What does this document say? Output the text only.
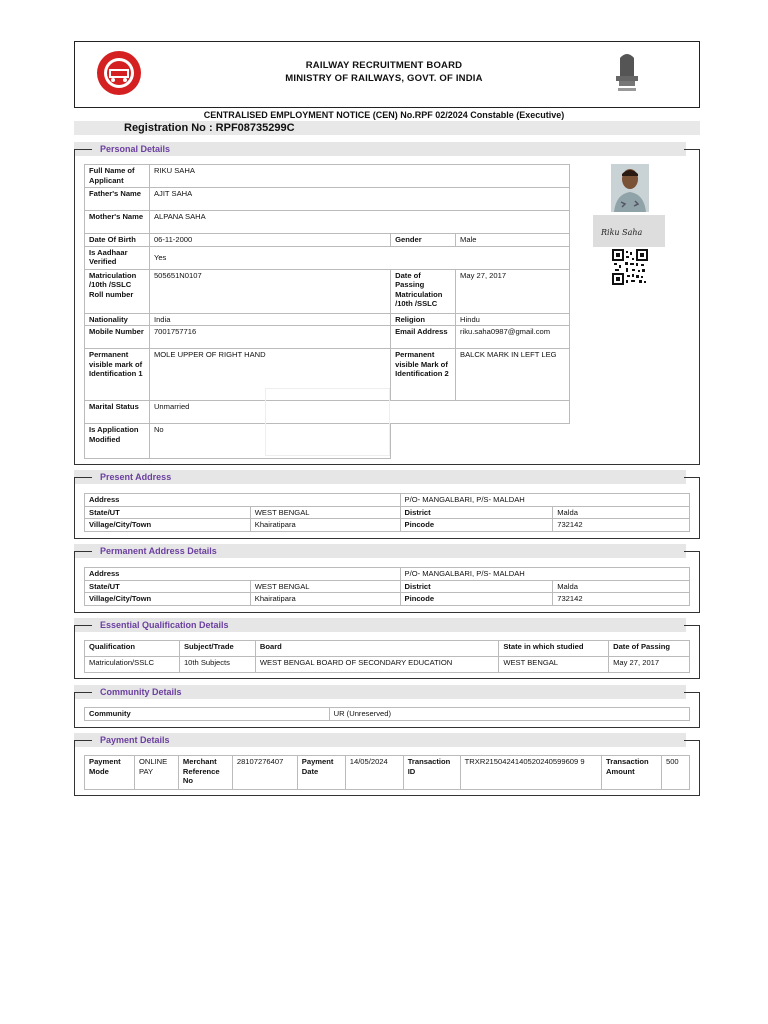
RAILWAY RECRUITMENT BOARD
MINISTRY OF RAILWAYS, GOVT. OF INDIA
CENTRALISED EMPLOYMENT NOTICE (CEN) No.RPF 02/2024 Constable (Executive)
Registration No : RPF08735299C
Personal Details
Full Name of Applicant	RIKU SAHA		
Father's Name	AJIT SAHA		
Mother's Name	ALPANA SAHA		
Date Of Birth	06-11-2000	Gender	Male
Is Aadhaar Verified	Yes		
Matriculation /10th /SSLC Roll number	505651N0107	Date of Passing Matriculation /10th /SSLC	May 27, 2017
Nationality	India	Religion	Hindu
Mobile Number	7001757716	Email Address	riku.saha0987@gmail.com
Permanent visible mark of Identification 1	MOLE UPPER OF RIGHT HAND	Permanent visible Mark of Identification 2	BALCK MARK IN LEFT LEG
Marital Status	Unmarried		
Is Application Modified	No		
Riku Saha
Present Address
Address		P/O- MANGALBARI, P/S- MALDAH	
State/UT	WEST BENGAL	District	Malda
Village/City/Town	Khairatipara	Pincode	732142
Permanent Address Details
Address		P/O- MANGALBARI, P/S- MALDAH	
State/UT	WEST BENGAL	District	Malda
Village/City/Town	Khairatipara	Pincode	732142
Essential Qualification Details
Qualification	Subject/Trade	Board	State in which studied	Date of Passing
Matriculation/SSLC	10th Subjects	WEST BENGAL BOARD OF SECONDARY EDUCATION	WEST BENGAL	May 27, 2017
Community Details
Community	UR (Unreserved)
Payment Details
Payment Mode	ONLINE PAY	Merchant Reference No	28107276407	Payment Date	14/05/2024	Transaction ID	TRXR2150424140520240599609 9	Transaction Amount	500
